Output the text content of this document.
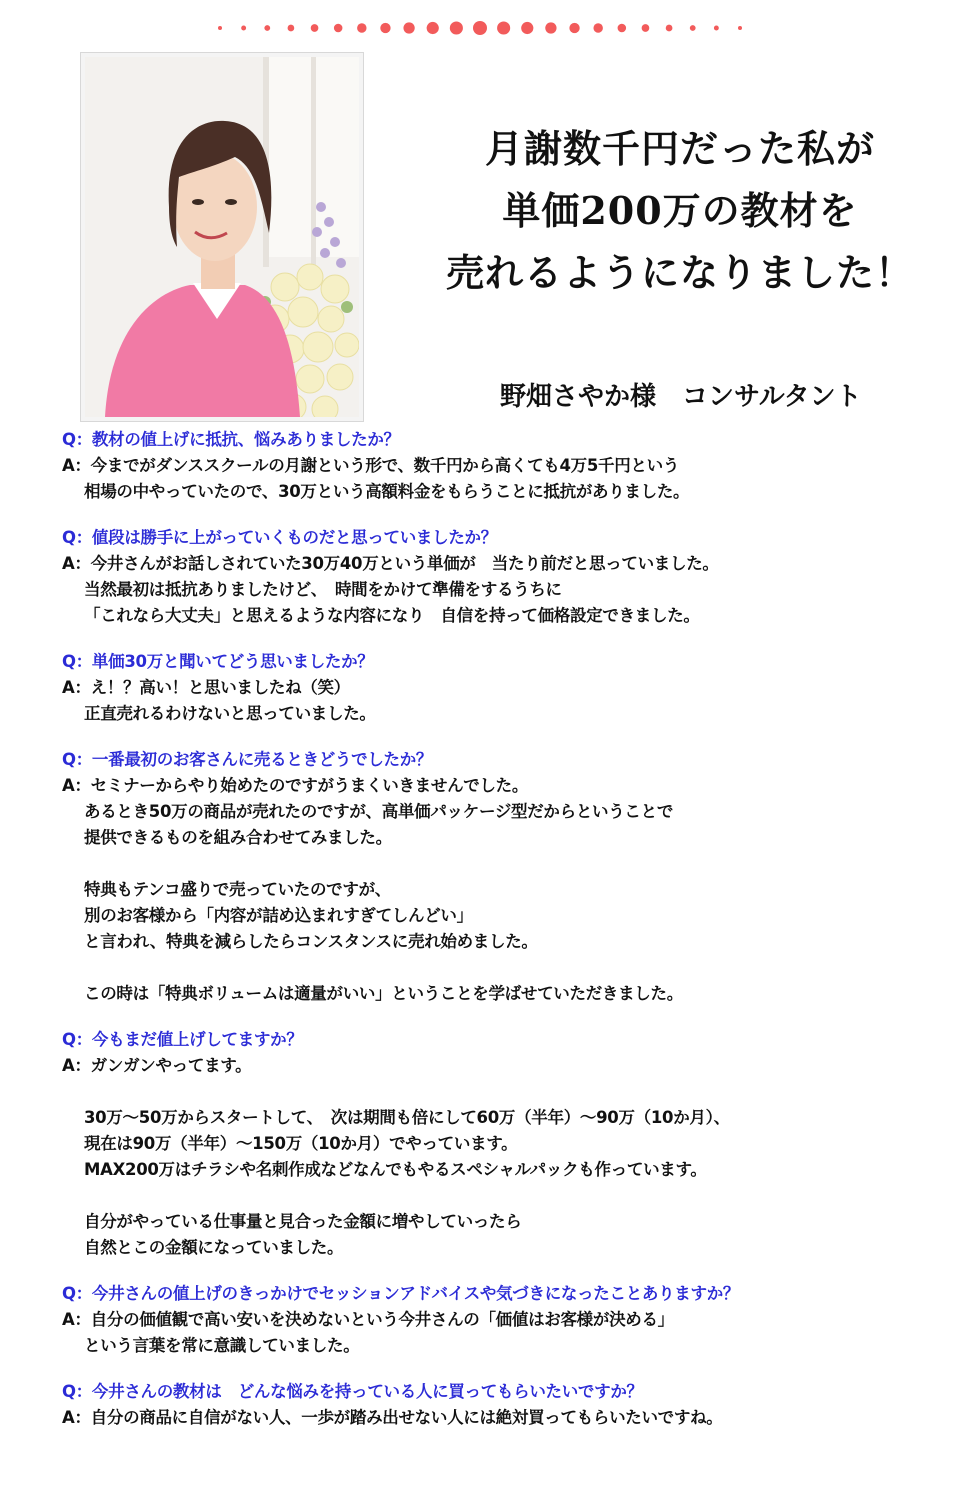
月謝数千円だった私が
単価200万の教材を
売れるようになりました！
野畑さやか様　コンサルタント
Q：教材の値上げに抵抗、悩みありましたか？
A：今までがダンススクールの月謝という形で、数千円から高くても4万5千円という
相場の中やっていたので、30万という高額料金をもらうことに抵抗がありました。
Q：値段は勝手に上がっていくものだと思っていましたか？
A：今井さんがお話しされていた30万40万という単価が　当たり前だと思っていました。
当然最初は抵抗ありましたけど、　時間をかけて準備をするうちに
「これなら大丈夫」と思えるような内容になり　自信を持って価格設定できました。
Q：単価30万と聞いてどう思いましたか？
A：え！？高い！と思いましたね（笑）
正直売れるわけないと思っていました。
Q：一番最初のお客さんに売るときどうでしたか？
A：セミナーからやり始めたのですがうまくいきませんでした。
あるとき50万の商品が売れたのですが、高単価パッケージ型だからということで
提供できるものを組み合わせてみました。
特典もテンコ盛りで売っていたのですが、
別のお客様から「内容が詰め込まれすぎてしんどい」
と言われ、特典を減らしたらコンスタンスに売れ始めました。
この時は「特典ボリュームは適量がいい」ということを学ばせていただきました。
Q：今もまだ値上げしてますか？
A：ガンガンやってます。
30万～50万からスタートして、　次は期間も倍にして60万（半年）～90万（10か月）、
現在は90万（半年）～150万（10か月）でやっています。
MAX200万はチラシや名刺作成などなんでもやるスペシャルパックも作っています。
自分がやっている仕事量と見合った金額に増やしていったら
自然とこの金額になっていました。
Q：今井さんの値上げのきっかけでセッションアドバイスや気づきになったことありますか？
A：自分の価値観で高い安いを決めないという今井さんの「価値はお客様が決める」
という言葉を常に意識していました。
Q：今井さんの教材は　どんな悩みを持っている人に買ってもらいたいですか？
A：自分の商品に自信がない人、一歩が踏み出せない人には絶対買ってもらいたいですね。
